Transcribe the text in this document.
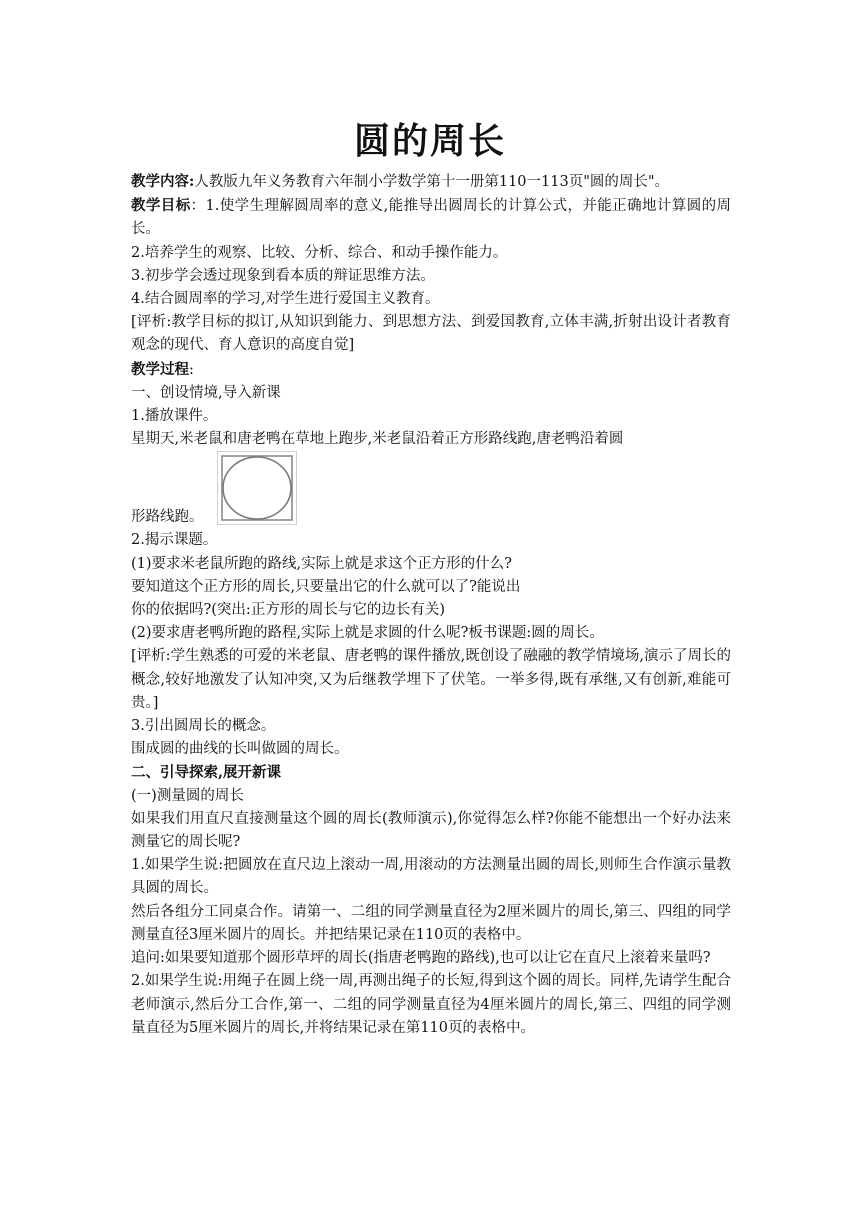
圆的周长

教学内容:人教版九年义务教育六年制小学数学第十一册第110一113页"圆的周长"。

教学目标：1.使学生理解圆周率的意义,能推导出圆周长的计算公式，并能正确地计算圆的周长。

2.培养学生的观察、比较、分析、综合、和动手操作能力。

3.初步学会透过现象到看本质的辩证思维方法。

4.结合圆周率的学习,对学生进行爱国主义教育。

[评析:教学目标的拟订,从知识到能力、到思想方法、到爱国教育,立体丰满,折射出设计者教育观念的现代、育人意识的高度自觉]

教学过程:

一、创设情境,导入新课

1.播放课件。

星期天,米老鼠和唐老鸭在草地上跑步,米老鼠沿着正方形路线跑,唐老鸭沿着圆

形路线跑。

2.揭示课题。

(1)要求米老鼠所跑的路线,实际上就是求这个正方形的什么?

要知道这个正方形的周长,只要量出它的什么就可以了?能说出

你的依据吗?(突出:正方形的周长与它的边长有关)

(2)要求唐老鸭所跑的路程,实际上就是求圆的什么呢?板书课题:圆的周长。

[评析:学生熟悉的可爱的米老鼠、唐老鸭的课件播放,既创设了融融的教学情境场,演示了周长的概念,较好地激发了认知冲突,又为后继教学埋下了伏笔。一举多得,既有承继,又有创新,难能可贵。]

3.引出圆周长的概念。

围成圆的曲线的长叫做圆的周长。

二、引导探索,展开新课

(一)测量圆的周长

如果我们用直尺直接测量这个圆的周长(教师演示),你觉得怎么样?你能不能想出一个好办法来测量它的周长呢?

1.如果学生说:把圆放在直尺边上滚动一周,用滚动的方法测量出圆的周长,则师生合作演示量教具圆的周长。

然后各组分工同桌合作。请第一、二组的同学测量直径为2厘米圆片的周长,第三、四组的同学测量直径3厘米圆片的周长。并把结果记录在110页的表格中。

追问:如果要知道那个圆形草坪的周长(指唐老鸭跑的路线),也可以让它在直尺上滚着来量吗?

2.如果学生说:用绳子在圆上绕一周,再测出绳子的长短,得到这个圆的周长。同样,先请学生配合老师演示,然后分工合作,第一、二组的同学测量直径为4厘米圆片的周长,第三、四组的同学测量直径为5厘米圆片的周长,并将结果记录在第110页的表格中。
